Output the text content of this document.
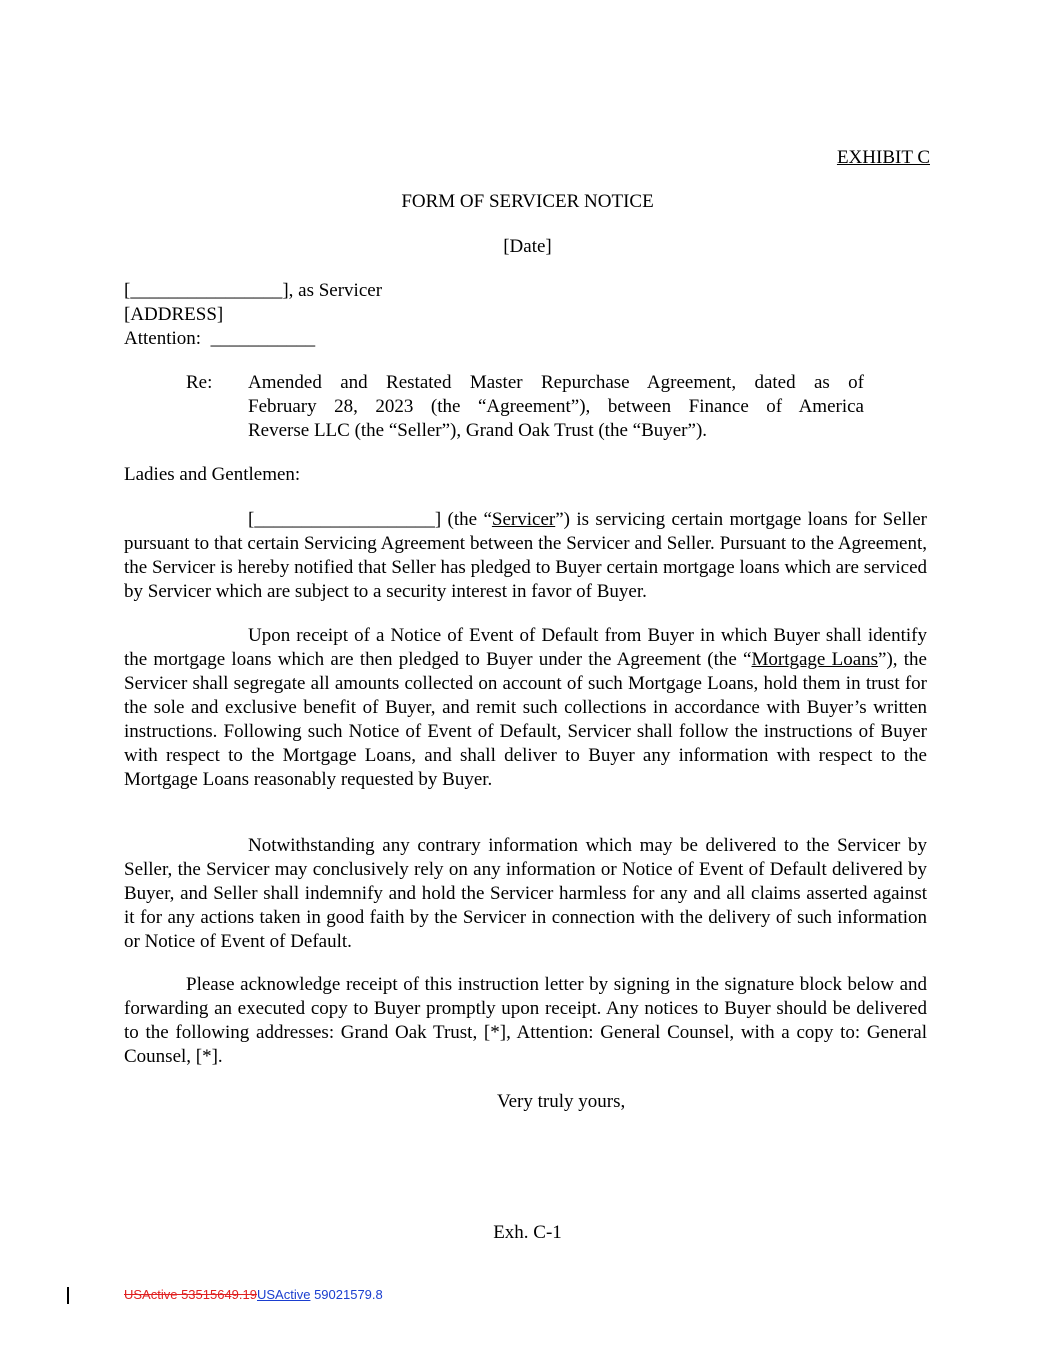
EXHIBIT C
FORM OF SERVICER NOTICE
[Date]
[________________], as Servicer
[ADDRESS]
Attention: ___________
Re:	Amended and Restated Master Repurchase Agreement, dated as of
February 28, 2023 (the “Agreement”), between Finance of America
Reverse LLC (the “Seller”), Grand Oak Trust (the “Buyer”).
Ladies and Gentlemen:
[___________________] (the “Servicer”) is servicing certain mortgage loans for Seller pursuant to that certain Servicing Agreement between the Servicer and Seller. Pursuant to the Agreement, the Servicer is hereby notified that Seller has pledged to Buyer certain mortgage loans which are serviced by Servicer which are subject to a security interest in favor of Buyer.
Upon receipt of a Notice of Event of Default from Buyer in which Buyer shall identify the mortgage loans which are then pledged to Buyer under the Agreement (the “Mortgage Loans”), the Servicer shall segregate all amounts collected on account of such Mortgage Loans, hold them in trust for the sole and exclusive benefit of Buyer, and remit such collections in accordance with Buyer’s written instructions. Following such Notice of Event of Default, Servicer shall follow the instructions of Buyer with respect to the Mortgage Loans, and shall deliver to Buyer any information with respect to the Mortgage Loans reasonably requested by Buyer.
Notwithstanding any contrary information which may be delivered to the Servicer by Seller, the Servicer may conclusively rely on any information or Notice of Event of Default delivered by Buyer, and Seller shall indemnify and hold the Servicer harmless for any and all claims asserted against it for any actions taken in good faith by the Servicer in connection with the delivery of such information or Notice of Event of Default.
Please acknowledge receipt of this instruction letter by signing in the signature block below and forwarding an executed copy to Buyer promptly upon receipt. Any notices to Buyer should be delivered to the following addresses: Grand Oak Trust, [*], Attention: General Counsel, with a copy to: General Counsel, [*].
Very truly yours,
Exh. C-1
USActive 53515649.19USActive 59021579.8
